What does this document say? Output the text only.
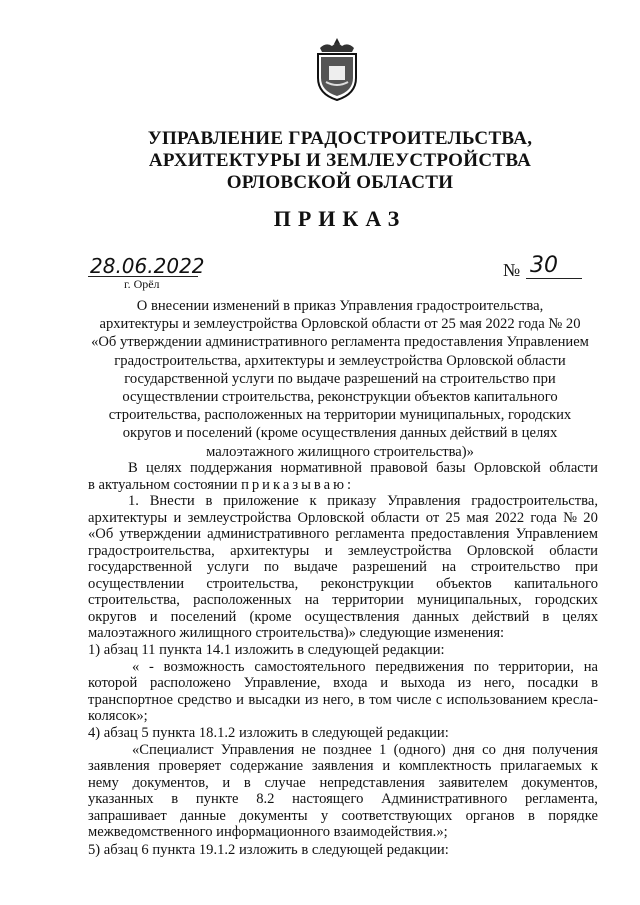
УПРАВЛЕНИЕ ГРАДОСТРОИТЕЛЬСТВА,
АРХИТЕКТУРЫ И ЗЕМЛЕУСТРОЙСТВА
ОРЛОВСКОЙ ОБЛАСТИ
ПРИКАЗ
28.06.2022
г. Орёл
№ 30
О внесении изменений в приказ Управления градостроительства,
архитектуры и землеустройства Орловской области от 25 мая 2022 года № 20
«Об утверждении административного регламента предоставления Управлением
градостроительства, архитектуры и землеустройства Орловской области
государственной услуги по выдаче разрешений на строительство при
осуществлении строительства, реконструкции объектов капитального
строительства, расположенных на территории муниципальных, городских
округов и поселений (кроме осуществления данных действий в целях
малоэтажного жилищного строительства)»
В целях поддержания нормативной правовой базы Орловской области
в актуальном состоянии приказываю:
1. Внести в приложение к приказу Управления градостроительства,
архитектуры и землеустройства Орловской области от 25 мая 2022 года № 20
«Об утверждении административного регламента предоставления Управлением
градостроительства, архитектуры и землеустройства Орловской области
государственной услуги по выдаче разрешений на строительство при
осуществлении строительства, реконструкции объектов капитального
строительства, расположенных на территории муниципальных, городских
округов и поселений (кроме осуществления данных действий в целях
малоэтажного жилищного строительства)» следующие изменения:
1) абзац 11 пункта 14.1 изложить в следующей редакции:
« - возможность самостоятельного передвижения по территории, на
которой расположено Управление, входа и выхода из него, посадки в
транспортное средство и высадки из него, в том числе с использованием кресла-
колясок»;
4) абзац 5 пункта 18.1.2 изложить в следующей редакции:
«Специалист Управления не позднее 1 (одного) дня со дня получения
заявления проверяет содержание заявления и комплектность прилагаемых к
нему документов, и в случае непредставления заявителем документов,
указанных в пункте 8.2 настоящего Административного регламента,
запрашивает данные документы у соответствующих органов в порядке
межведомственного информационного взаимодействия.»;
5) абзац 6 пункта 19.1.2 изложить в следующей редакции:
